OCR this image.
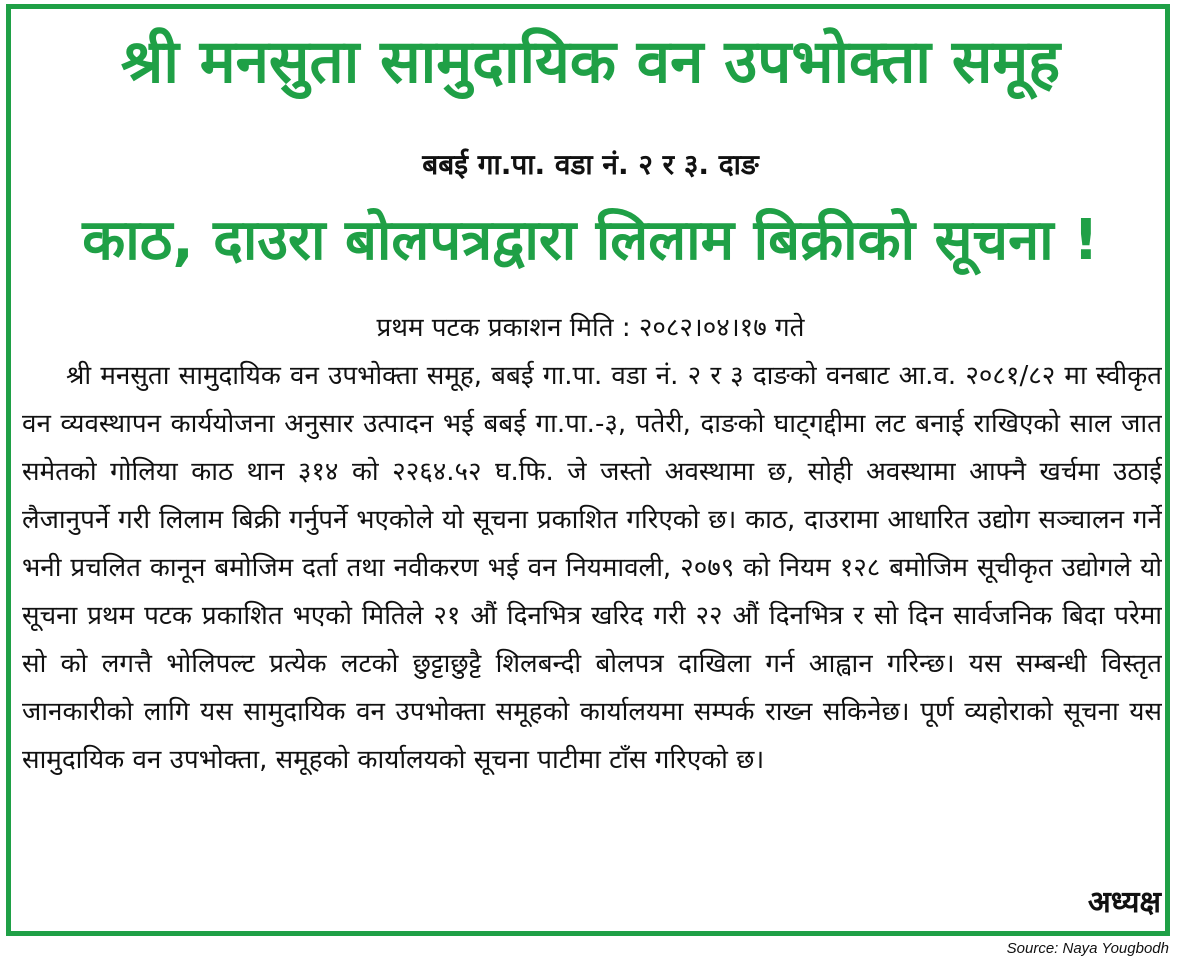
श्री मनसुता सामुदायिक वन उपभोक्ता समूह
बबई गा.पा. वडा नं. २ र ३. दाङ
काठ, दाउरा बोलपत्रद्वारा लिलाम बिक्रीको सूचना !
प्रथम पटक प्रकाशन मिति : २०८२।०४।१७ गते
श्री मनसुता सामुदायिक वन उपभोक्ता समूह, बबई गा.पा. वडा नं. २ र ३ दाङको वनबाट आ.व. २०८१/८२ मा स्वीकृत वन व्यवस्थापन कार्ययोजना अनुसार उत्पादन भई बबई गा.पा.-३, पतेरी, दाङको घाट्गद्दीमा लट बनाई राखिएको साल जात समेतको गोलिया काठ थान ३१४ को २२६४.५२ घ.फि. जे जस्तो अवस्थामा छ, सोही अवस्थामा आफ्नै खर्चमा उठाई लैजानुपर्ने गरी लिलाम बिक्री गर्नुपर्ने भएकोले यो सूचना प्रकाशित गरिएको छ। काठ, दाउरामा आधारित उद्योग सञ्चालन गर्ने भनी प्रचलित कानून बमोजिम दर्ता तथा नवीकरण भई वन नियमावली, २०७९ को नियम १२८ बमोजिम सूचीकृत उद्योगले यो सूचना प्रथम पटक प्रकाशित भएको मितिले २१ औं दिनभित्र खरिद गरी २२ औं दिनभित्र र सो दिन सार्वजनिक बिदा परेमा सो को लगत्तै भोलिपल्ट प्रत्येक लटको छुट्टाछुट्टै शिलबन्दी बोलपत्र दाखिला गर्न आह्वान गरिन्छ। यस सम्बन्धी विस्तृत जानकारीको लागि यस सामुदायिक वन उपभोक्ता समूहको कार्यालयमा सम्पर्क राख्न सकिनेछ। पूर्ण व्यहोराको सूचना यस सामुदायिक वन उपभोक्ता, समूहको कार्यालयको सूचना पाटीमा टाँस गरिएको छ।
अध्यक्ष
Source: Naya Yougbodh
